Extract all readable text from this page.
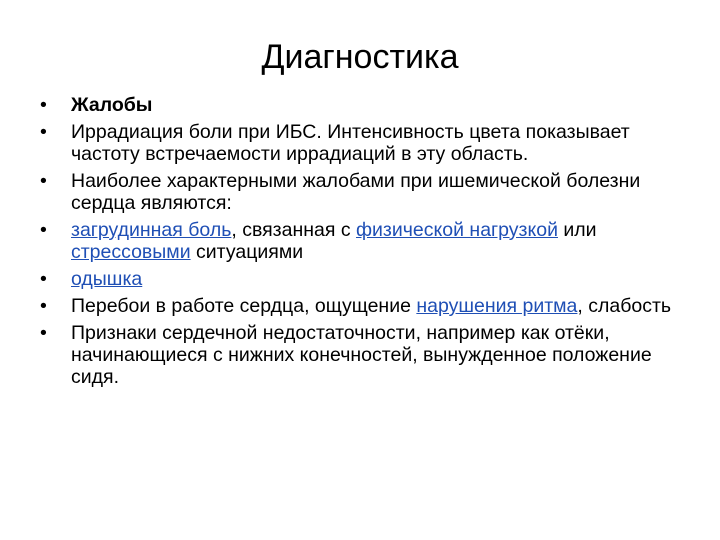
Диагностика
•	Жалобы
•	Иррадиация боли при ИБС. Интенсивность цвета показывает частоту встречаемости иррадиаций в эту область.
•	Наиболее характерными жалобами при ишемической болезни сердца являются:
•	загрудинная боль, связанная с физической нагрузкой или стрессовыми ситуациями
•	одышка
•	Перебои в работе сердца, ощущение нарушения ритма, слабость
•	Признаки сердечной недостаточности, например как отёки, начинающиеся с нижних конечностей, вынужденное положение сидя.
